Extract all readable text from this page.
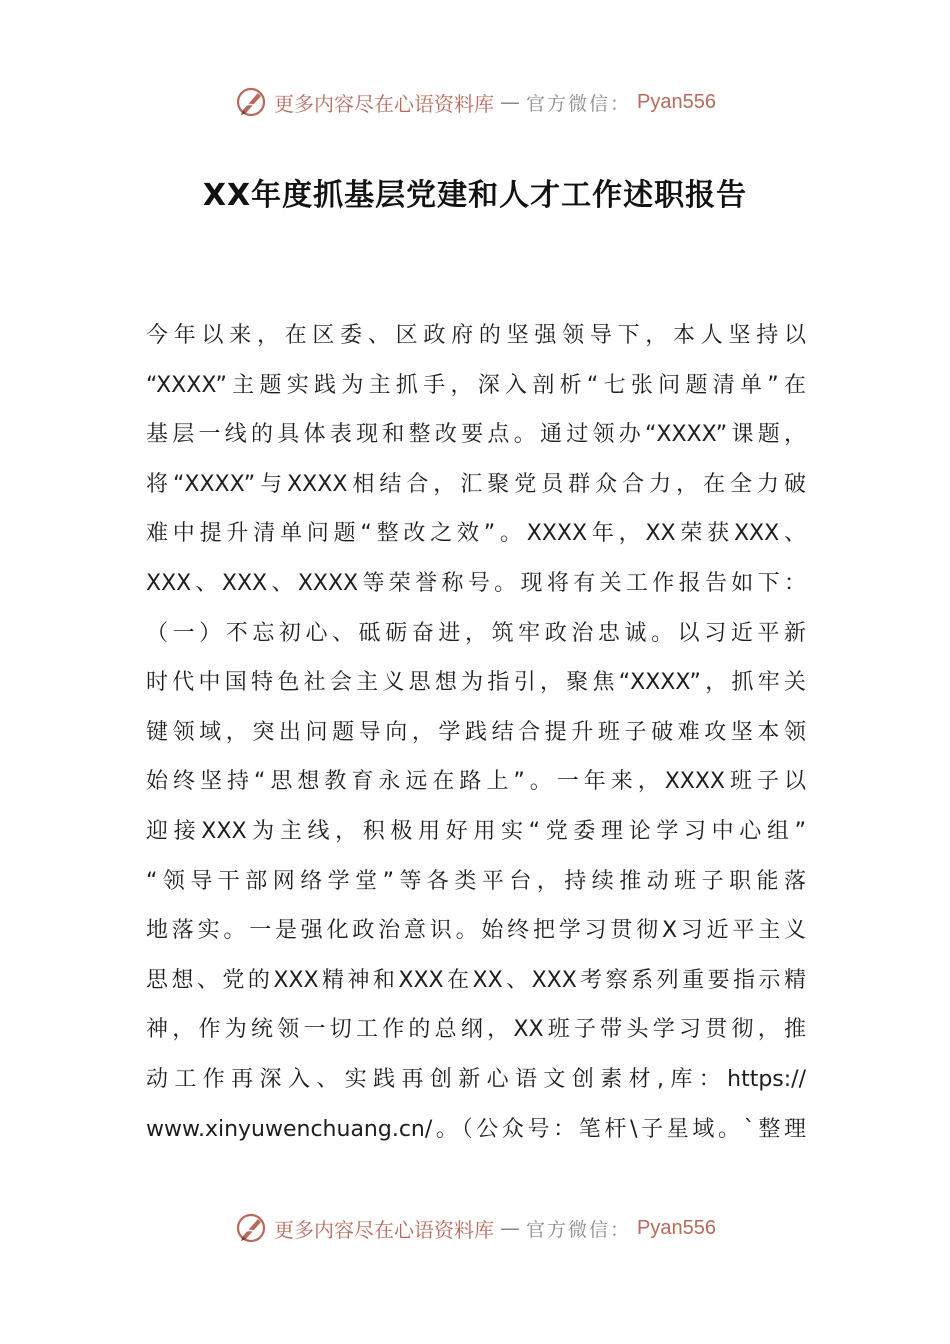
更多内容尽在心语资料库 — 官方微信： Pyan556
XX年度抓基层党建和人才工作述职报告
今年以来，在区委、区政府的坚强领导下，本人坚持以
“XXXX”主题实践为主抓手，深入剖析“七张问题清单”在
基层一线的具体表现和整改要点。通过领办“XXXX”课题，
将“XXXX”与XXXX相结合，汇聚党员群众合力，在全力破
难中提升清单问题“整改之效”。XXXX年，XX荣获XXX、
XXX、XXX、XXXX等荣誉称号。现将有关工作报告如下：
（一）不忘初心、砥砺奋进，筑牢政治忠诚。以习近平新
时代中国特色社会主义思想为指引，聚焦“XXXX”，抓牢关
键领域，突出问题导向，学践结合提升班子破难攻坚本领
始终坚持“思想教育永远在路上”。一年来，XXXX班子以
迎接XXX为主线，积极用好用实“党委理论学习中心组”
“领导干部网络学堂”等各类平台，持续推动班子职能落
地落实。一是强化政治意识。始终把学习贯彻X习近平主义
思想、党的XXX精神和XXX在XX、XXX考察系列重要指示精
神，作为统领一切工作的总纲，XX班子带头学习贯彻，推
动工作再深入、实践再创新心语文创素材,库：https://
www.xinyuwenchuang.cn/。（公众号：笔杆\子星域。`整理
更多内容尽在心语资料库 — 官方微信： Pyan556
